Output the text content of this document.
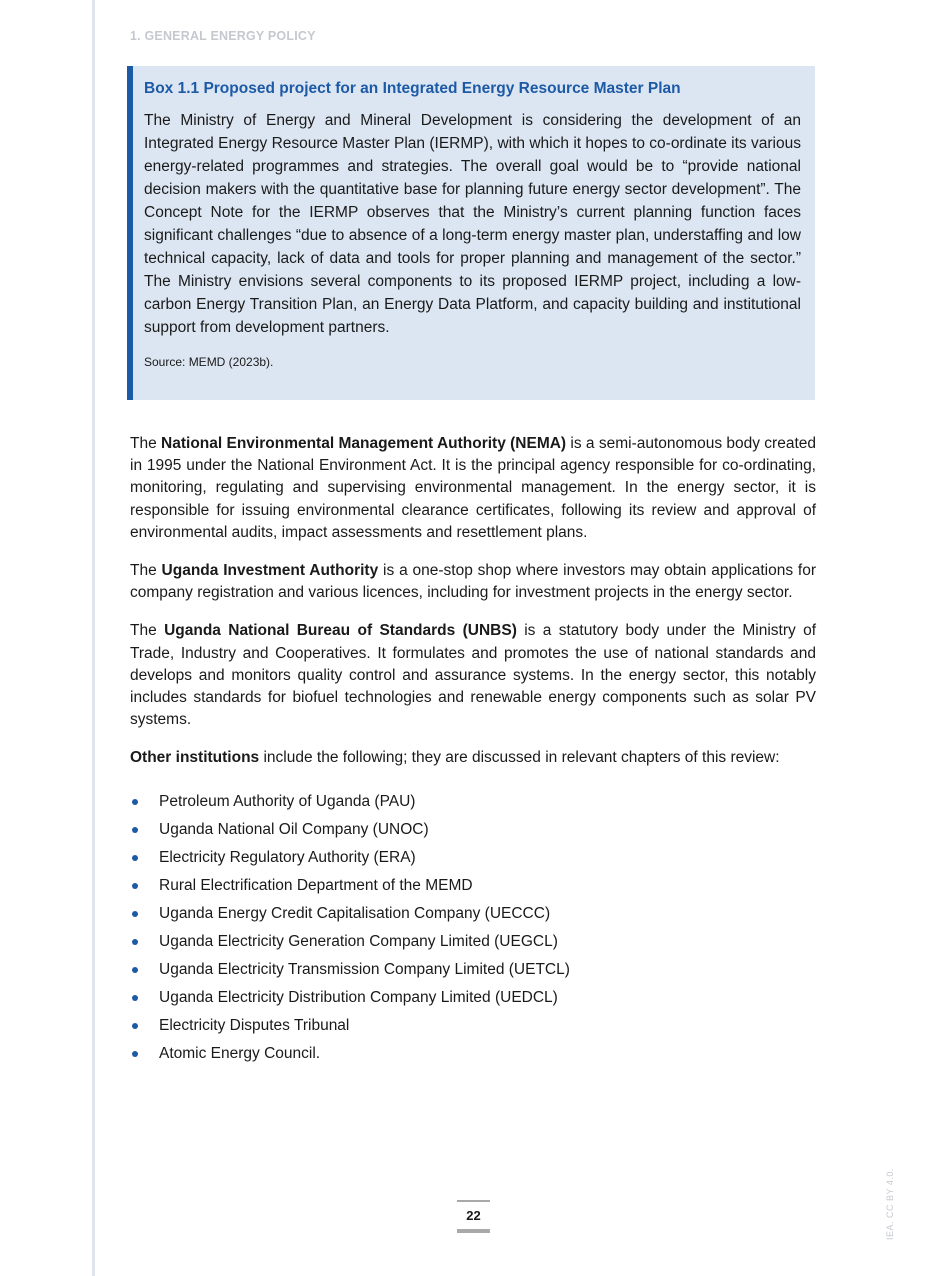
1. GENERAL ENERGY POLICY
Box 1.1 Proposed project for an Integrated Energy Resource Master Plan

The Ministry of Energy and Mineral Development is considering the development of an Integrated Energy Resource Master Plan (IERMP), with which it hopes to co-ordinate its various energy-related programmes and strategies. The overall goal would be to “provide national decision makers with the quantitative base for planning future energy sector development”. The Concept Note for the IERMP observes that the Ministry’s current planning function faces significant challenges “due to absence of a long-term energy master plan, understaffing and low technical capacity, lack of data and tools for proper planning and management of the sector.” The Ministry envisions several components to its proposed IERMP project, including a low-carbon Energy Transition Plan, an Energy Data Platform, and capacity building and institutional support from development partners.

Source: MEMD (2023b).

The National Environmental Management Authority (NEMA) is a semi-autonomous body created in 1995 under the National Environment Act. It is the principal agency responsible for co-ordinating, monitoring, regulating and supervising environmental management. In the energy sector, it is responsible for issuing environmental clearance certificates, following its review and approval of environmental audits, impact assessments and resettlement plans.

The Uganda Investment Authority is a one-stop shop where investors may obtain applications for company registration and various licences, including for investment projects in the energy sector.

The Uganda National Bureau of Standards (UNBS) is a statutory body under the Ministry of Trade, Industry and Cooperatives. It formulates and promotes the use of national standards and develops and monitors quality control and assurance systems. In the energy sector, this notably includes standards for biofuel technologies and renewable energy components such as solar PV systems.

Other institutions include the following; they are discussed in relevant chapters of this review:

Petroleum Authority of Uganda (PAU)
Uganda National Oil Company (UNOC)
Electricity Regulatory Authority (ERA)
Rural Electrification Department of the MEMD
Uganda Energy Credit Capitalisation Company (UECCC)
Uganda Electricity Generation Company Limited (UEGCL)
Uganda Electricity Transmission Company Limited (UETCL)
Uganda Electricity Distribution Company Limited (UEDCL)
Electricity Disputes Tribunal
Atomic Energy Council.
22	IEA. CC BY 4.0.
